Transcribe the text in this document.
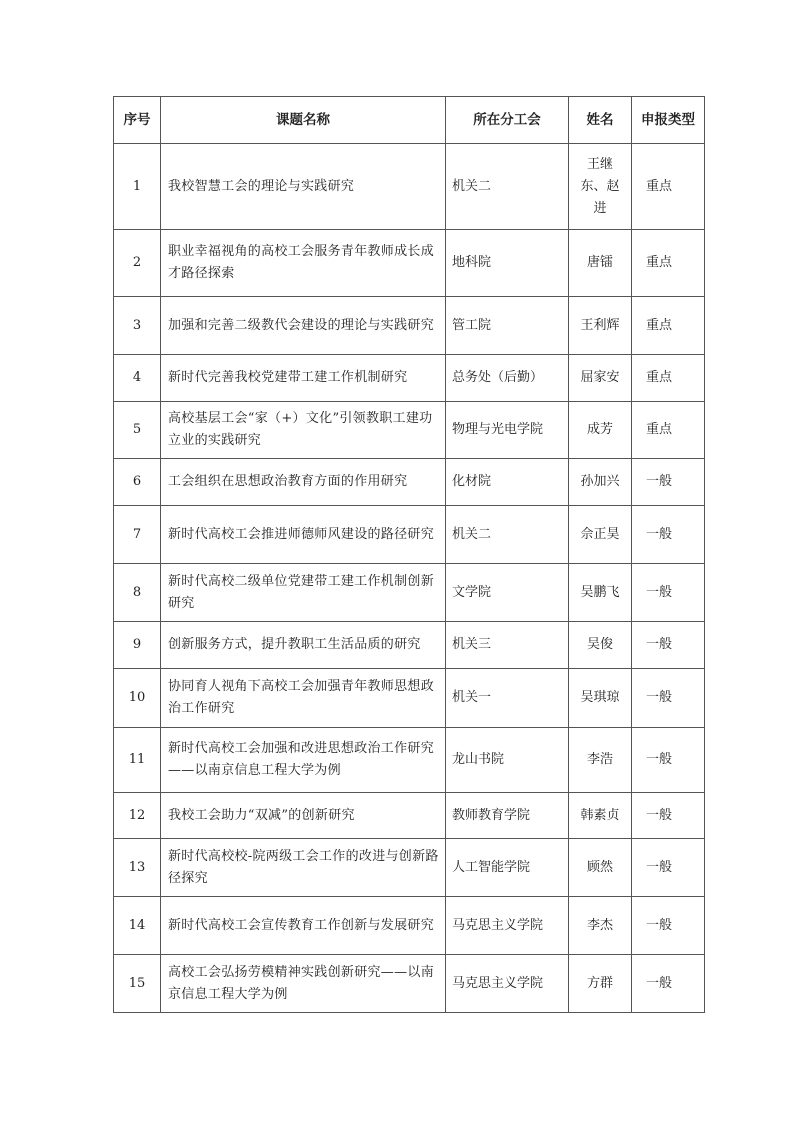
序号	课题名称	所在分工会	姓名	申报类型
1	我校智慧工会的理论与实践研究	机关二	王继东、赵进	重点
2	职业幸福视角的高校工会服务青年教师成长成才路径探索	地科院	唐镭	重点
3	加强和完善二级教代会建设的理论与实践研究	管工院	王利辉	重点
4	新时代完善我校党建带工建工作机制研究	总务处（后勤）	屈家安	重点
5	高校基层工会“家（+）文化”引领教职工建功立业的实践研究	物理与光电学院	成芳	重点
6	工会组织在思想政治教育方面的作用研究	化材院	孙加兴	一般
7	新时代高校工会推进师德师风建设的路径研究	机关二	佘正昊	一般
8	新时代高校二级单位党建带工建工作机制创新研究	文学院	吴鹏飞	一般
9	创新服务方式，提升教职工生活品质的研究	机关三	吴俊	一般
10	协同育人视角下高校工会加强青年教师思想政治工作研究	机关一	吴琪琼	一般
11	新时代高校工会加强和改进思想政治工作研究——以南京信息工程大学为例	龙山书院	李浩	一般
12	我校工会助力“双减”的创新研究	教师教育学院	韩素贞	一般
13	新时代高校校-院两级工会工作的改进与创新路径探究	人工智能学院	顾然	一般
14	新时代高校工会宣传教育工作创新与发展研究	马克思主义学院	李杰	一般
15	高校工会弘扬劳模精神实践创新研究——以南京信息工程大学为例	马克思主义学院	方群	一般
